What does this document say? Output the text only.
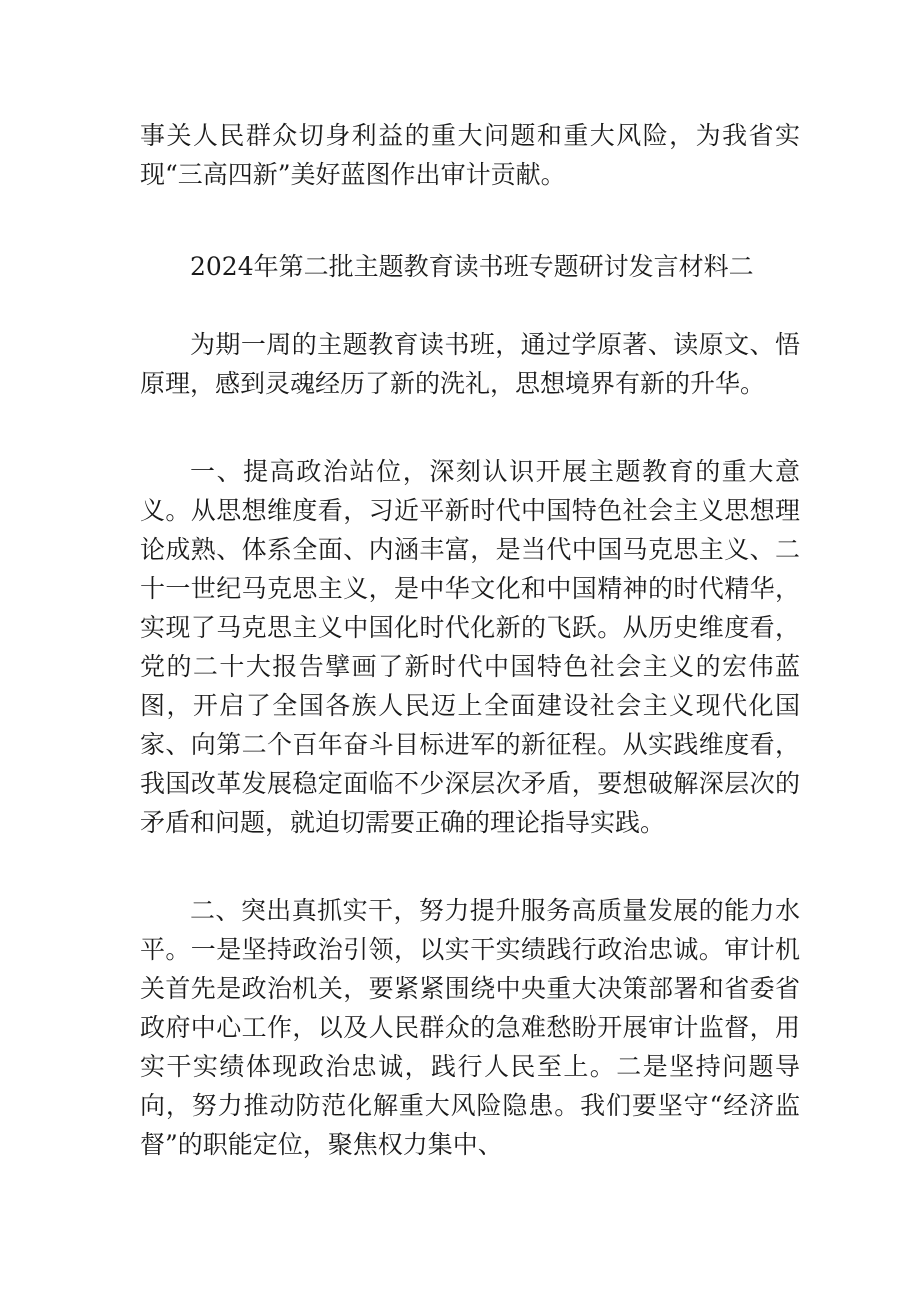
事关人民群众切身利益的重大问题和重大风险，为我省实现“三高四新”美好蓝图作出审计贡献。

2024年第二批主题教育读书班专题研讨发言材料二

为期一周的主题教育读书班，通过学原著、读原文、悟原理，感到灵魂经历了新的洗礼，思想境界有新的升华。

一、提高政治站位，深刻认识开展主题教育的重大意义。从思想维度看，习近平新时代中国特色社会主义思想理论成熟、体系全面、内涵丰富，是当代中国马克思主义、二十一世纪马克思主义，是中华文化和中国精神的时代精华，实现了马克思主义中国化时代化新的飞跃。从历史维度看，党的二十大报告擘画了新时代中国特色社会主义的宏伟蓝图，开启了全国各族人民迈上全面建设社会主义现代化国家、向第二个百年奋斗目标进军的新征程。从实践维度看，我国改革发展稳定面临不少深层次矛盾，要想破解深层次的矛盾和问题，就迫切需要正确的理论指导实践。

二、突出真抓实干，努力提升服务高质量发展的能力水平。一是坚持政治引领，以实干实绩践行政治忠诚。审计机关首先是政治机关，要紧紧围绕中央重大决策部署和省委省政府中心工作，以及人民群众的急难愁盼开展审计监督，用实干实绩体现政治忠诚，践行人民至上。二是坚持问题导向，努力推动防范化解重大风险隐患。我们要坚守“经济监督”的职能定位，聚焦权力集中、
